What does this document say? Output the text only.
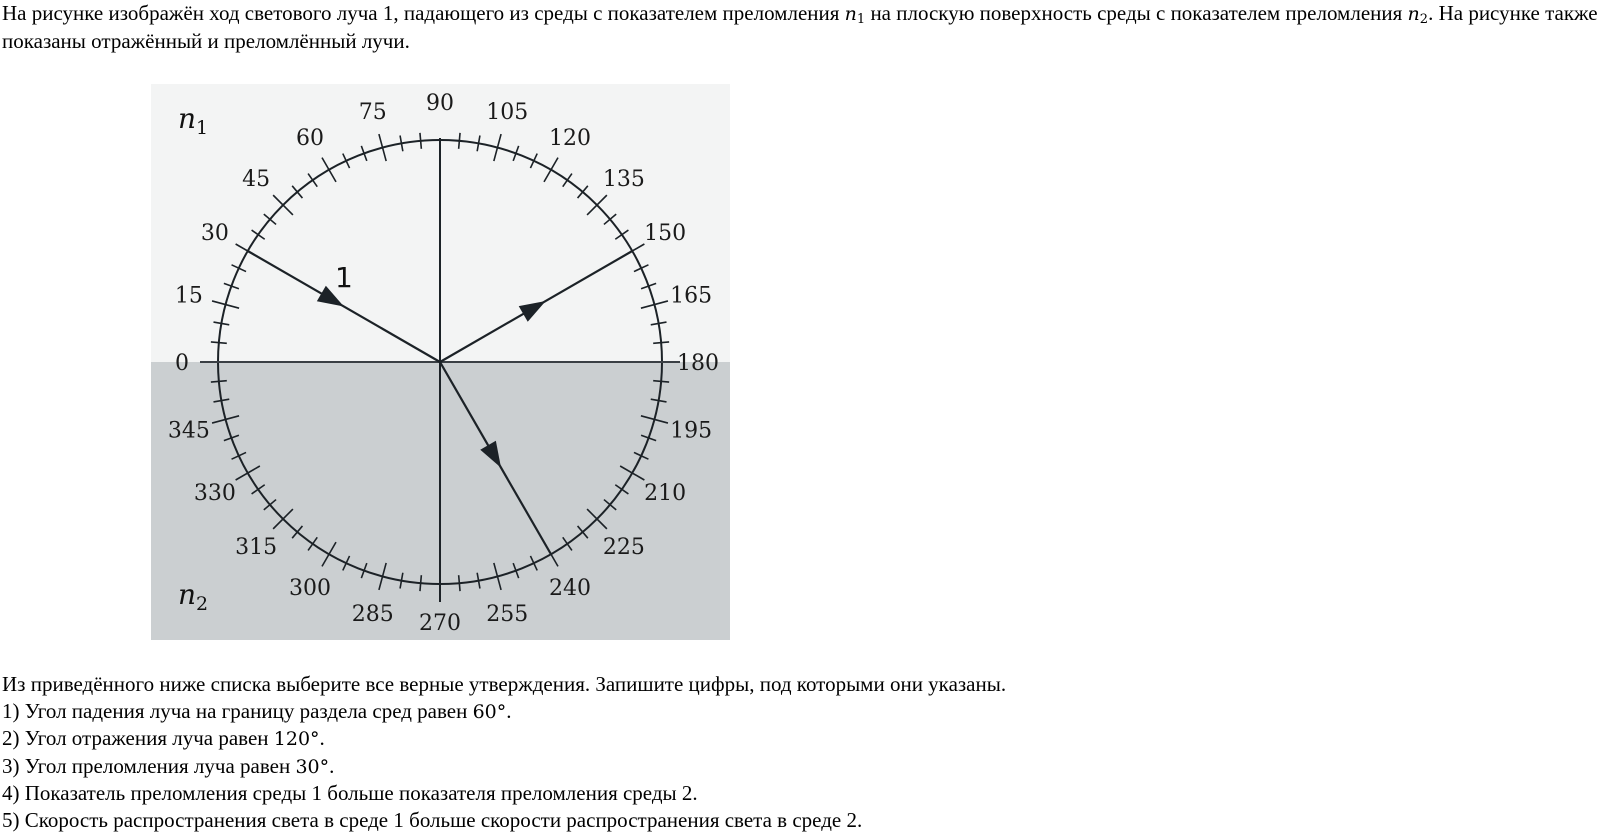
На рисунке изображён ход светового луча 1, падающего из среды с показателем преломления $n_1$ на плоскую поверхность среды с показателем преломления $n_2$. На рисунке также показаны отражённый и преломлённый лучи.
0
15
30
45
60
75 90 105
120
135
150
165
180
195
210
225
240
255
270
285
300
315
330
345
$n_1$
$n_2$
1
Из приведённого ниже списка выберите все верные утверждения. Запишите цифры, под которыми они указаны.
1) Угол падения луча на границу раздела сред равен 60°.
2) Угол отражения луча равен 120°.
3) Угол преломления луча равен 30°.
4) Показатель преломления среды 1 больше показателя преломления среды 2.
5) Скорость распространения света в среде 1 больше скорости распространения света в среде 2.
